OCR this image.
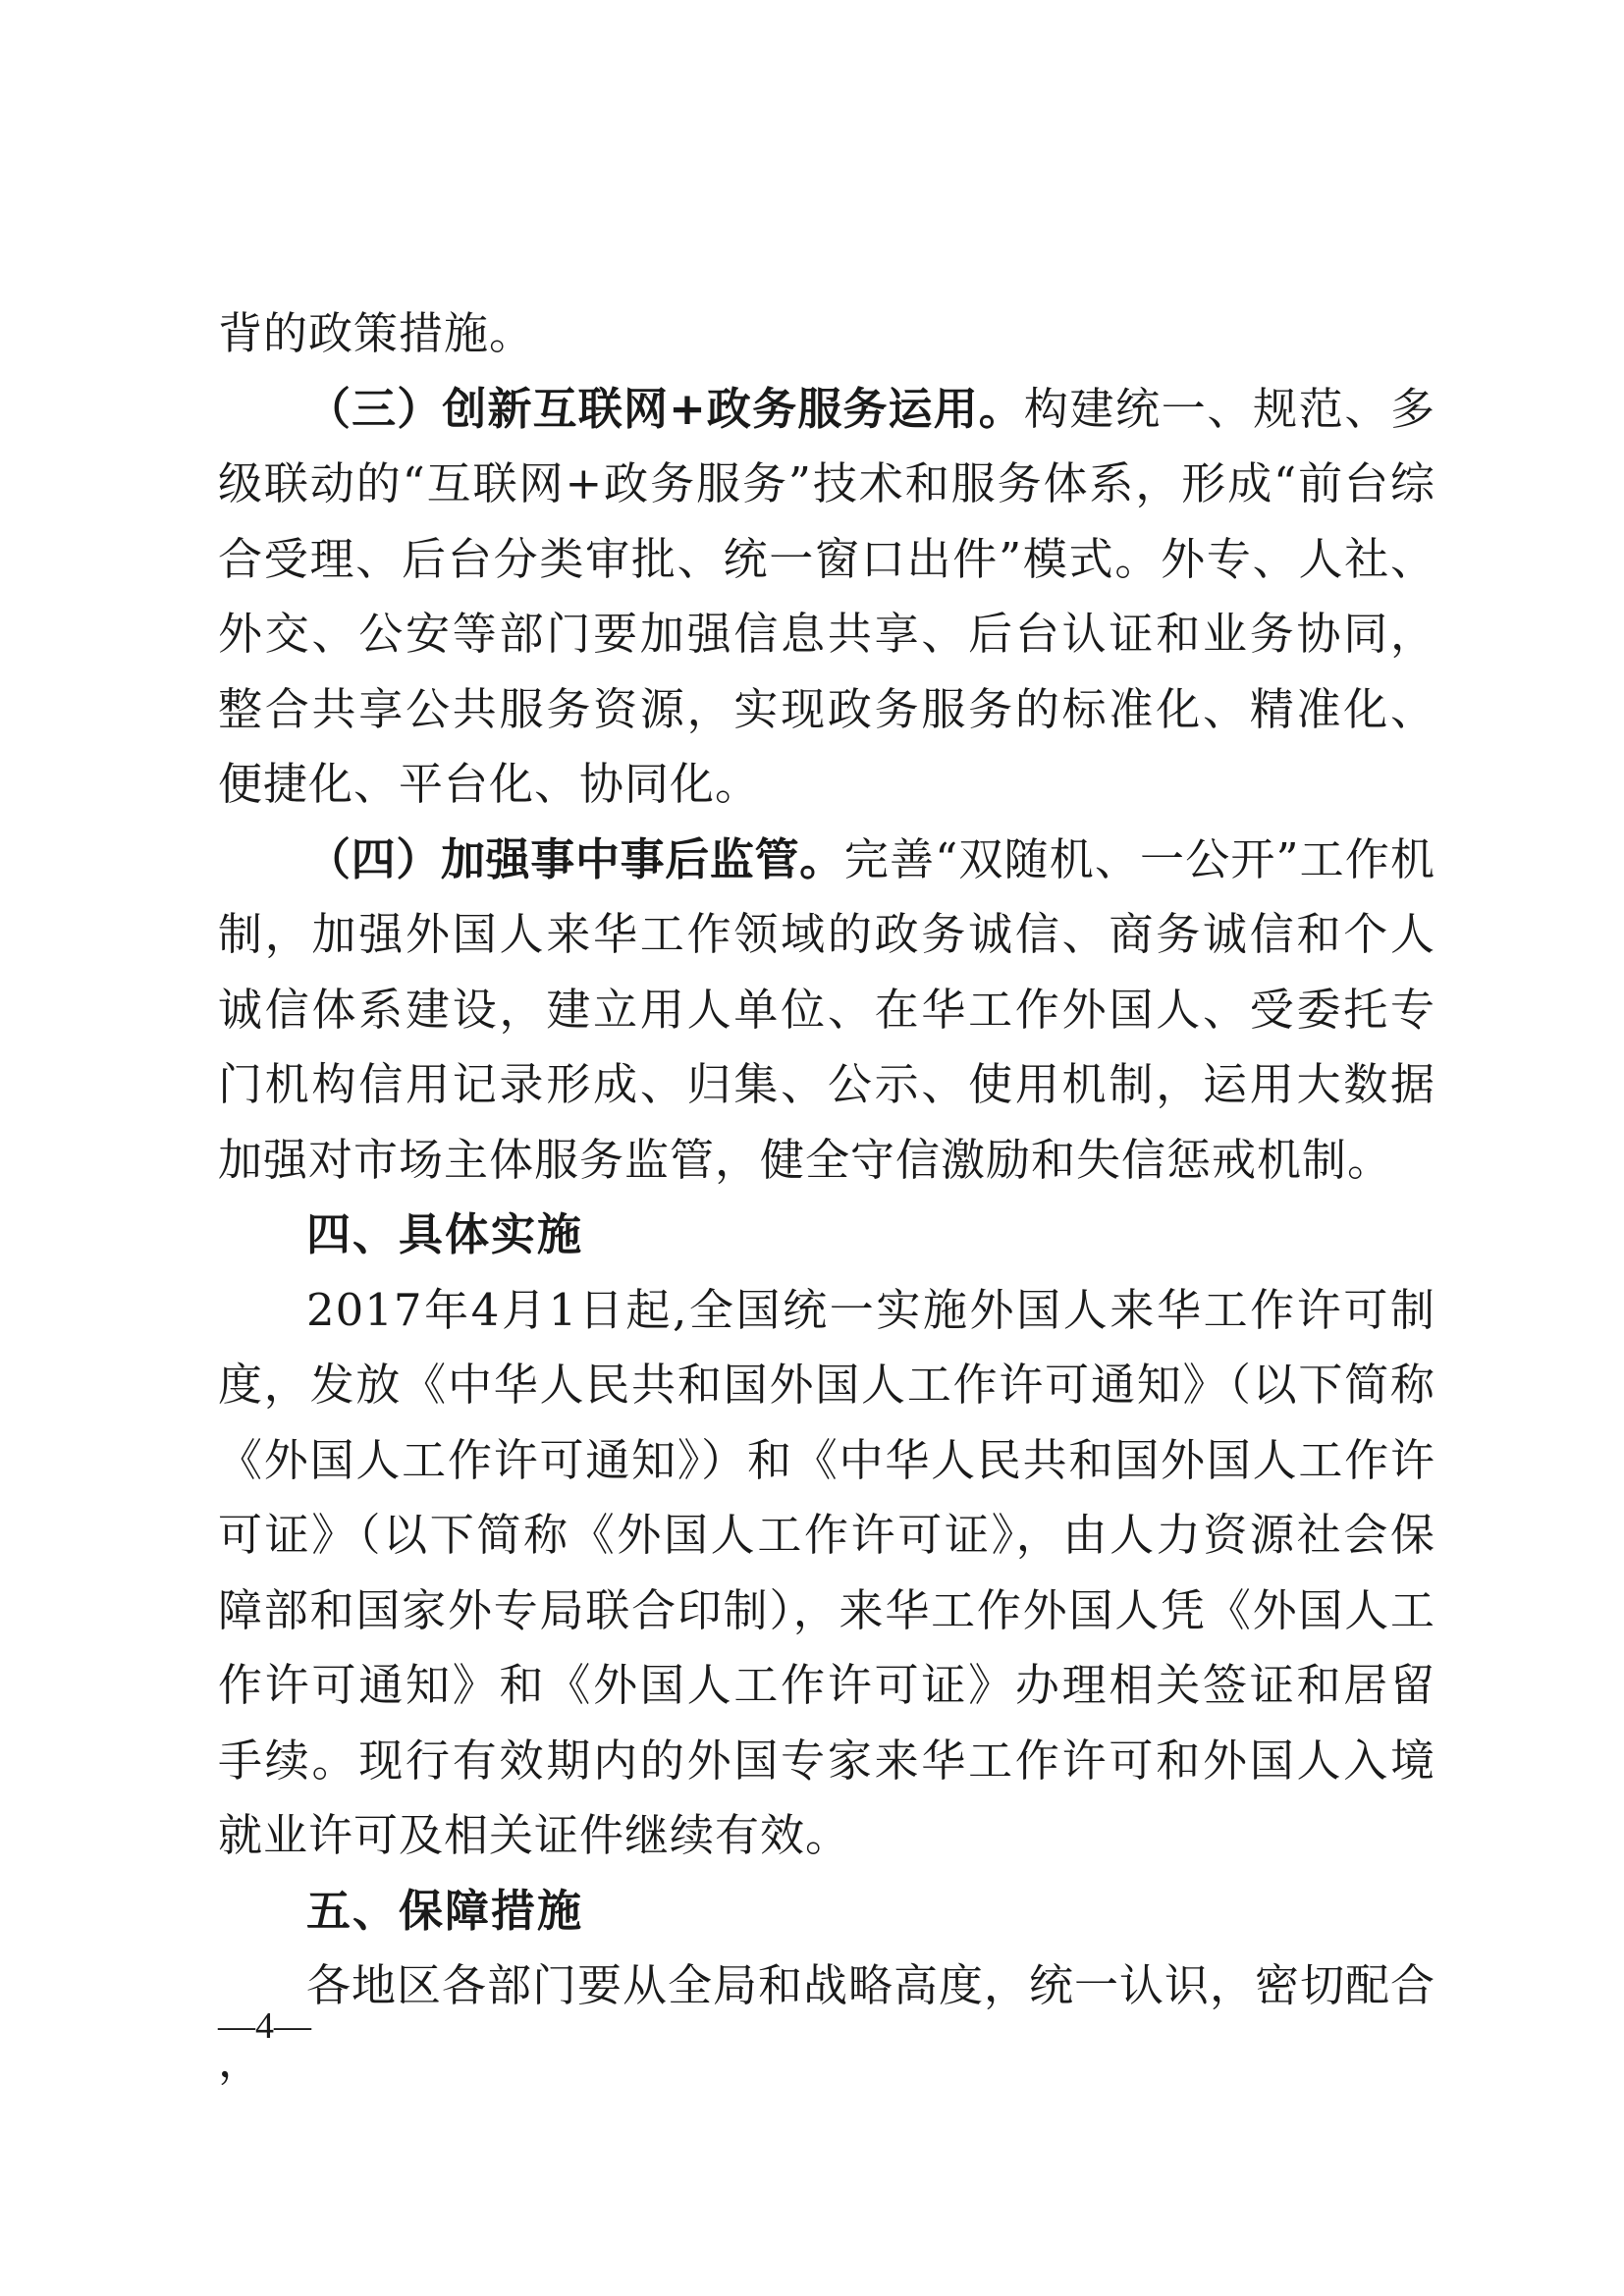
背的政策措施。

（三）创新互联网+政务服务运用。构建统一、规范、多级联动的“互联网+政务服务”技术和服务体系，形成“前台综合受理、后台分类审批、统一窗口出件”模式。外专、人社、外交、公安等部门要加强信息共享、后台认证和业务协同，整合共享公共服务资源，实现政务服务的标准化、精准化、便捷化、平台化、协同化。

（四）加强事中事后监管。完善“双随机、一公开”工作机制，加强外国人来华工作领域的政务诚信、商务诚信和个人诚信体系建设，建立用人单位、在华工作外国人、受委托专门机构信用记录形成、归集、公示、使用机制，运用大数据加强对市场主体服务监管，健全守信激励和失信惩戒机制。

四、具体实施

2017年4月1日起,全国统一实施外国人来华工作许可制度，发放《中华人民共和国外国人工作许可通知》（以下简称《外国人工作许可通知》）和《中华人民共和国外国人工作许可证》（以下简称《外国人工作许可证》，由人力资源社会保障部和国家外专局联合印制），来华工作外国人凭《外国人工作许可通知》和《外国人工作许可证》办理相关签证和居留手续。现行有效期内的外国专家来华工作许可和外国人入境就业许可及相关证件继续有效。

五、保障措施

各地区各部门要从全局和战略高度，统一认识，密切配合，

—4—
